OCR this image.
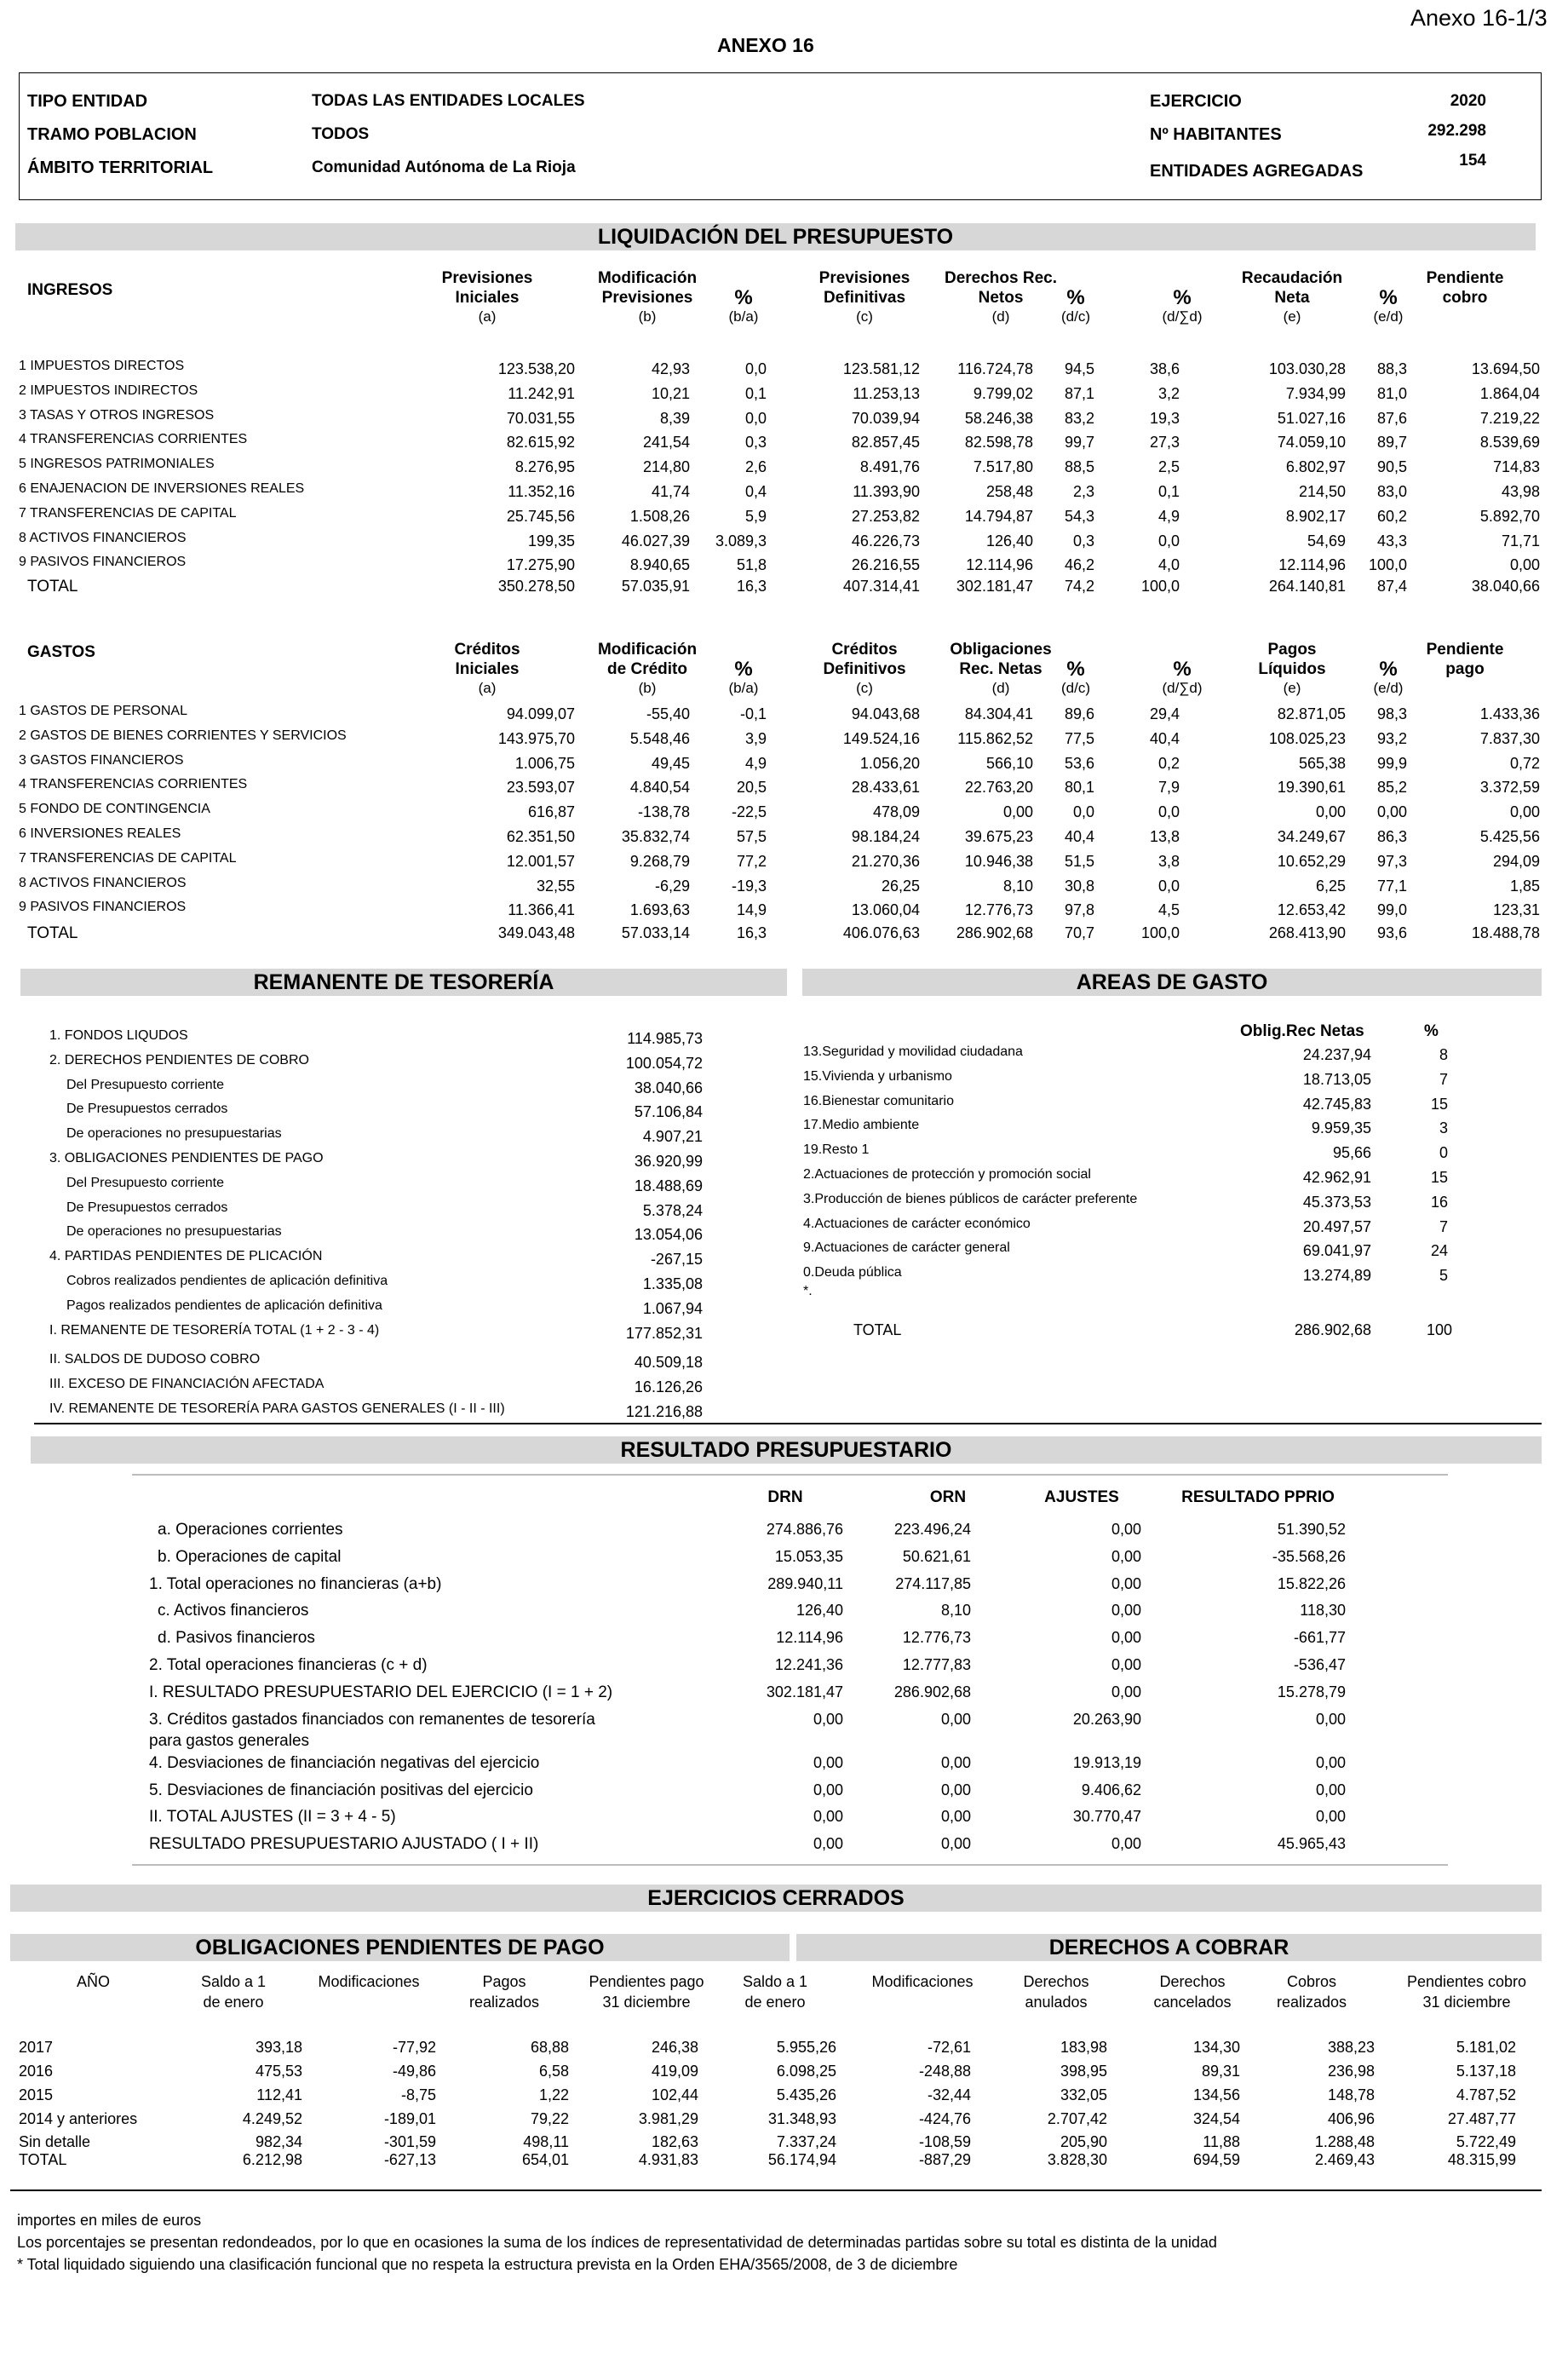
ANEXO 16
Anexo 16-1/3
TIPO ENTIDAD	TODAS LAS ENTIDADES LOCALES
TRAMO POBLACION	TODOS
ÁMBITO TERRITORIAL	Comunidad Autónoma de La Rioja
EJERCICIO
Nº HABITANTES
ENTIDADES AGREGADAS
2020
292.298
154
LIQUIDACIÓN DEL PRESUPUESTO
INGRESOS
Previsiones
Iniciales
(a)
Modificación
Previsiones
(b)
%
(b/a)
Previsiones
Definitivas
(c)
Derechos Rec.
Netos
(d)
%
(d/c)
%
(d/∑d)
Recaudación
Neta
(e)
%
(e/d)
Pendiente
cobro
1 IMPUESTOS DIRECTOS	123.538,20	42,93	0,0	123.581,12	116.724,78	94,5	38,6	103.030,28	88,3	13.694,50
2 IMPUESTOS INDIRECTOS	11.242,91	10,21	0,1	11.253,13	9.799,02	87,1	3,2	7.934,99	81,0	1.864,04
3 TASAS Y OTROS INGRESOS	70.031,55	8,39	0,0	70.039,94	58.246,38	83,2	19,3	51.027,16	87,6	7.219,22
4 TRANSFERENCIAS CORRIENTES	82.615,92	241,54	0,3	82.857,45	82.598,78	99,7	27,3	74.059,10	89,7	8.539,69
5 INGRESOS PATRIMONIALES	8.276,95	214,80	2,6	8.491,76	7.517,80	88,5	2,5	6.802,97	90,5	714,83
6 ENAJENACION DE INVERSIONES REALES	11.352,16	41,74	0,4	11.393,90	258,48	2,3	0,1	214,50	83,0	43,98
7 TRANSFERENCIAS DE CAPITAL	25.745,56	1.508,26	5,9	27.253,82	14.794,87	54,3	4,9	8.902,17	60,2	5.892,70
8 ACTIVOS FINANCIEROS	199,35	46.027,39	3.089,3	46.226,73	126,40	0,3	0,0	54,69	43,3	71,71
9 PASIVOS FINANCIEROS	17.275,90	8.940,65	51,8	26.216,55	12.114,96	46,2	4,0	12.114,96	100,0	0,00
TOTAL	350.278,50	57.035,91	16,3	407.314,41	302.181,47	74,2	100,0	264.140,81	87,4	38.040,66
GASTOS	Créditos
Iniciales
(a)
Modificación
de Crédito
(b)
%
(b/a)
Créditos
Definitivos
(c)
Obligaciones
Rec. Netas
(d)
%
(d/c)
%
(d/∑d)
Pagos
Líquidos
(e)
%
(e/d)
Pendiente
pago
1 GASTOS DE PERSONAL	94.099,07	-55,40	-0,1	94.043,68	84.304,41	89,6	29,4	82.871,05	98,3	1.433,36
2 GASTOS DE BIENES CORRIENTES Y SERVICIOS	143.975,70	5.548,46	3,9	149.524,16	115.862,52	77,5	40,4	108.025,23	93,2	7.837,30
3 GASTOS FINANCIEROS	1.006,75	49,45	4,9	1.056,20	566,10	53,6	0,2	565,38	99,9	0,72
4 TRANSFERENCIAS CORRIENTES	23.593,07	4.840,54	20,5	28.433,61	22.763,20	80,1	7,9	19.390,61	85,2	3.372,59
5 FONDO DE CONTINGENCIA	616,87	-138,78	-22,5	478,09	0,00	0,0	0,0	0,00	0,00	0,00
6 INVERSIONES REALES	62.351,50	35.832,74	57,5	98.184,24	39.675,23	40,4	13,8	34.249,67	86,3	5.425,56
7 TRANSFERENCIAS DE CAPITAL	12.001,57	9.268,79	77,2	21.270,36	10.946,38	51,5	3,8	10.652,29	97,3	294,09
8 ACTIVOS FINANCIEROS	32,55	-6,29	-19,3	26,25	8,10	30,8	0,0	6,25	77,1	1,85
9 PASIVOS FINANCIEROS	11.366,41	1.693,63	14,9	13.060,04	12.776,73	97,8	4,5	12.653,42	99,0	123,31
TOTAL	349.043,48	57.033,14	16,3	406.076,63	286.902,68	70,7	100,0	268.413,90	93,6	18.488,78
REMANENTE DE TESORERÍA	AREAS DE GASTO
1. FONDOS LIQUDOS	114.985,73
2. DERECHOS PENDIENTES DE COBRO	100.054,72
Del Presupuesto corriente	38.040,66
De Presupuestos cerrados	57.106,84
De operaciones no presupuestarias	4.907,21
3. OBLIGACIONES PENDIENTES DE PAGO	36.920,99
Del Presupuesto corriente	18.488,69
De Presupuestos cerrados	5.378,24
De operaciones no presupuestarias	13.054,06
4. PARTIDAS PENDIENTES DE PLICACIÓN	-267,15
Cobros realizados pendientes de aplicación definitiva	1.335,08
Pagos realizados pendientes de aplicación definitiva	1.067,94
I. REMANENTE DE TESORERÍA TOTAL (1 + 2 - 3 - 4)	177.852,31
II. SALDOS DE DUDOSO COBRO	40.509,18
III. EXCESO DE FINANCIACIÓN AFECTADA	16.126,26
IV. REMANENTE DE TESORERÍA PARA GASTOS GENERALES (I - II - III)	121.216,88
Oblig.Rec Netas	%
13.Seguridad y movilidad ciudadana	24.237,94	8
15.Vivienda y urbanismo	18.713,05	7
16.Bienestar comunitario	42.745,83	15
17.Medio ambiente	9.959,35	3
19.Resto 1	95,66	0
2.Actuaciones de protección y promoción social	42.962,91	15
3.Producción de bienes públicos de carácter preferente	45.373,53	16
4.Actuaciones de carácter económico	20.497,57	7
9.Actuaciones de carácter general	69.041,97	24
0.Deuda pública	13.274,89	5
*.
TOTAL	286.902,68	100
RESULTADO PRESUPUESTARIO
DRN	ORN	AJUSTES	RESULTADO PPRIO
a. Operaciones corrientes	274.886,76	223.496,24	0,00	51.390,52
b. Operaciones de capital	15.053,35	50.621,61	0,00	-35.568,26
1. Total operaciones no financieras (a+b)	289.940,11	274.117,85	0,00	15.822,26
c. Activos financieros	126,40	8,10	0,00	118,30
d. Pasivos financieros	12.114,96	12.776,73	0,00	-661,77
2. Total operaciones financieras (c + d)	12.241,36	12.777,83	0,00	-536,47
I. RESULTADO PRESUPUESTARIO DEL EJERCICIO (I = 1 + 2)	302.181,47	286.902,68	0,00	15.278,79
3. Créditos gastados financiados con remanentes de tesorería
para gastos generales
0,00	0,00	20.263,90	0,00
4. Desviaciones de financiación negativas del ejercicio	0,00	0,00	19.913,19	0,00
5. Desviaciones de financiación positivas del ejercicio	0,00	0,00	9.406,62	0,00
II. TOTAL AJUSTES (II = 3 + 4 - 5)	0,00	0,00	30.770,47	0,00
RESULTADO PRESUPUESTARIO AJUSTADO ( I + II)	0,00	0,00	0,00	45.965,43
EJERCICIOS CERRADOS
OBLIGACIONES PENDIENTES DE PAGO	DERECHOS A COBRAR
AÑO	Saldo a 1
de enero
Modificaciones	Pagos
realizados
Pendientes pago
31 diciembre
Saldo a 1
de enero
Modificaciones	Derechos
anulados
Derechos
cancelados
Cobros
realizados
Pendientes cobro
31 diciembre
2017	393,18	-77,92	68,88	246,38	5.955,26	-72,61	183,98	134,30	388,23	5.181,02
2016	475,53	-49,86	6,58	419,09	6.098,25	-248,88	398,95	89,31	236,98	5.137,18
2015	112,41	-8,75	1,22	102,44	5.435,26	-32,44	332,05	134,56	148,78	4.787,52
2014 y anteriores	4.249,52	-189,01	79,22	3.981,29	31.348,93	-424,76	2.707,42	324,54	406,96	27.487,77
Sin detalle	982,34	-301,59	498,11	182,63	7.337,24	-108,59	205,90	11,88	1.288,48	5.722,49
TOTAL	6.212,98	-627,13	654,01	4.931,83	56.174,94	-887,29	3.828,30	694,59	2.469,43	48.315,99
importes en miles de euros
Los porcentajes se presentan redondeados, por lo que en ocasiones la suma de los índices de representatividad de determinadas partidas sobre su total es distinta de la unidad
* Total liquidado siguiendo una clasificación funcional que no respeta la estructura prevista en la Orden EHA/3565/2008, de 3 de diciembre
